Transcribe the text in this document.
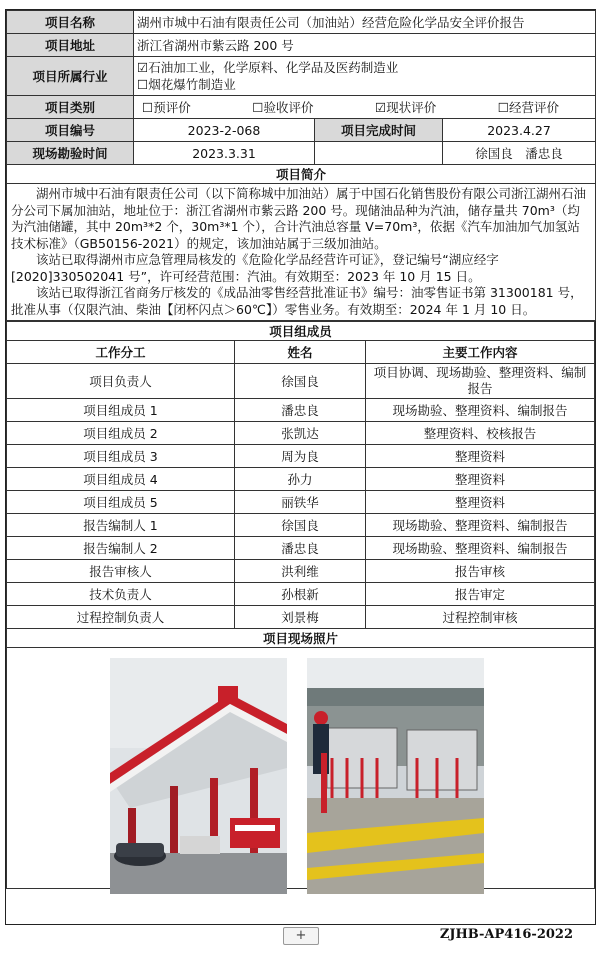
项目名称	湖州市城中石油有限责任公司（加油站）经营危险化学品安全评价报告		
项目地址	浙江省湖州市紫云路 200 号		
项目所属行业	☑石油加工业，化学原料、化学品及医药制造业
☐烟花爆竹制造业		

项目类别	☐预评价 ☐验收评价 ☑现状评价 ☐经营评价		

项目编号	2023-2-068	项目完成时间	2023.4.27
现场勘验时间	2023.3.31		徐国良　潘忠良
项目简介			

湖州市城中石油有限责任公司（以下简称城中加油站）属于中国石化销售股份有限公司浙江湖州石油分公司下属加油站，地址位于：浙江省湖州市紫云路 200 号。现储油品种为汽油，储存量共 70m³（均为汽油储罐，其中 20m³*2 个，30m³*1 个），合计汽油总容量 V=70m³，依据《汽车加油加气加氢站技术标准》（GB50156-2021）的规定，该加油站属于三级加油站。

该站已取得湖州市应急管理局核发的《危险化学品经营许可证》，登记编号“湖应经字[2020]330502041 号”，许可经营范围：汽油。有效期至：2023 年 10 月 15 日。

该站已取得浙江省商务厅核发的《成品油零售经营批准证书》编号：油零售证书第 31300181 号，批准从事（仅限汽油、柴油【闭杯闪点＞60℃】）零售业务。有效期至：2024 年 1 月 10 日。			

项目组成员		
工作分工	姓名	主要工作内容
项目负责人	徐国良	项目协调、现场勘验、整理资料、编制报告
项目组成员 1	潘忠良	现场勘验、整理资料、编制报告
项目组成员 2	张凯达	整理资料、校核报告
项目组成员 3	周为良	整理资料
项目组成员 4	孙力	整理资料
项目组成员 5	丽铁华	整理资料
报告编制人 1	徐国良	现场勘验、整理资料、编制报告
报告编制人 2	潘忠良	现场勘验、整理资料、编制报告
报告审核人	洪利维	报告审核
技术负责人	孙根新	报告审定
过程控制负责人	刘景梅	过程控制审核
项目现场照片		

+	ZJHB-AP416-2022
